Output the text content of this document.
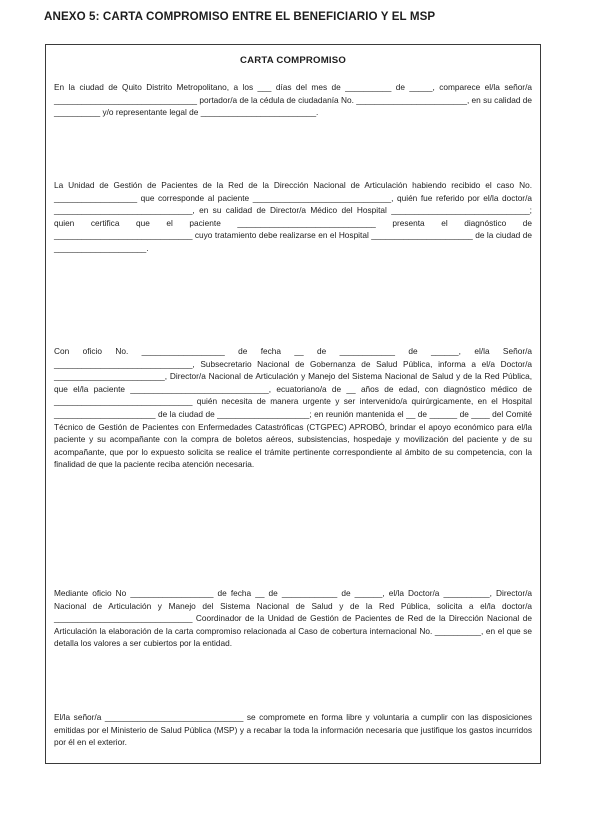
ANEXO 5: CARTA COMPROMISO ENTRE EL BENEFICIARIO Y EL MSP
CARTA COMPROMISO
En la ciudad de Quito Distrito Metropolitano, a los ___ días del mes de __________ de _____, comparece el/la señor/a _______________________________ portador/a de la cédula de ciudadanía No. ________________________, en su calidad de __________ y/o representante legal de _________________________.
La Unidad de Gestión de Pacientes de la Red de la Dirección Nacional de Articulación habiendo recibido el caso No. __________________ que corresponde al paciente ______________________________, quién fue referido por el/la doctor/a ______________________________, en su calidad de Director/a Médico del Hospital ______________________________; quien certifica que el paciente ______________________________ presenta el diagnóstico de ______________________________ cuyo tratamiento debe realizarse en el Hospital ______________________ de la ciudad de ____________________.
Con oficio No. __________________ de fecha __ de ____________ de ______, el/la Señor/a ______________________________, Subsecretario Nacional de Gobernanza de Salud Pública, informa a el/a Doctor/a ________________________, Director/a Nacional de Articulación y Manejo del Sistema Nacional de Salud y de la Red Pública, que el/la paciente ______________________________, ecuatoriano/a de __ años de edad, con diagnóstico médico de ______________________________ quién necesita de manera urgente y ser intervenido/a quirúrgicamente, en el Hospital ______________________ de la ciudad de ____________________; en reunión mantenida el __ de ______ de ____ del Comité Técnico de Gestión de Pacientes con Enfermedades Catastróficas (CTGPEC) APROBÓ, brindar el apoyo económico para el/la paciente y su acompañante con la compra de boletos aéreos, subsistencias, hospedaje y movilización del paciente y de su acompañante, que por lo expuesto solicita se realice el trámite pertinente correspondiente al ámbito de su competencia, con la finalidad de que la paciente reciba atención necesaria.
Mediante oficio No __________________ de fecha __ de ____________ de ______, el/la Doctor/a __________, Director/a Nacional de Articulación y Manejo del Sistema Nacional de Salud y de la Red Pública, solicita a el/la doctor/a ______________________________ Coordinador de la Unidad de Gestión de Pacientes de Red de la Dirección Nacional de Articulación la elaboración de la carta compromiso relacionada al Caso de cobertura internacional No. __________, en el que se detalla los valores a ser cubiertos por la entidad.
El/la señor/a ______________________________ se compromete en forma libre y voluntaria a cumplir con las disposiciones emitidas por el Ministerio de Salud Pública (MSP) y a recabar la toda la información necesaria que justifique los gastos incurridos por él en el exterior.
